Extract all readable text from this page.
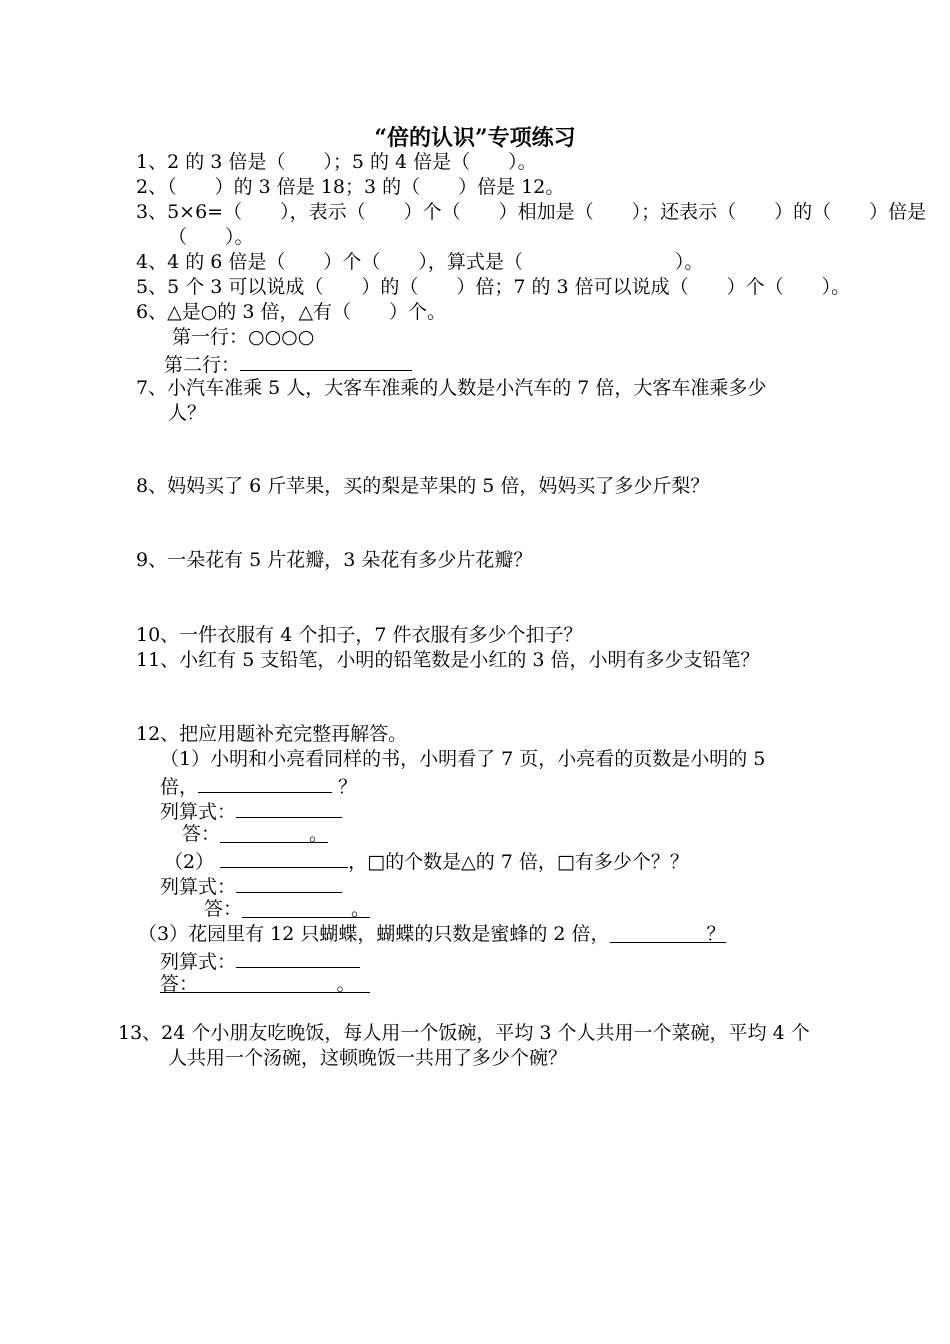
“倍的认识”专项练习
1、2 的 3 倍是（　　）；5 的 4 倍是（　　）。
2、（　　）的 3 倍是 18；3 的（　　）倍是 12。
3、5×6=（　　），表示（　　）个（　　）相加是（　　）；还表示（　　）的（　　）倍是
（　　）。
4、4 的 6 倍是（　　）个（　　），算式是（　　　　　　　　）。
5、5 个 3 可以说成（　　）的（　　）倍；7 的 3 倍可以说成（　　）个（　　）。
6、△是○的 3 倍，△有（　　）个。
第一行：○○○○
第二行：
7、小汽车准乘 5 人，大客车准乘的人数是小汽车的 7 倍，大客车准乘多少
人？
8、妈妈买了 6 斤苹果，买的梨是苹果的 5 倍，妈妈买了多少斤梨？
9、一朵花有 5 片花瓣，3 朵花有多少片花瓣？
10、一件衣服有 4 个扣子，7 件衣服有多少个扣子？
11、小红有 5 支铅笔，小明的铅笔数是小红的 3 倍，小明有多少支铅笔？
12、把应用题补充完整再解答。
（1）小明和小亮看同样的书，小明看了 7 页，小亮看的页数是小明的 5
倍，	？
列算式：
答：	。
（2）	，□的个数是△的 7 倍，□有多少个？？
列算式：
答：	。
（3）花园里有 12 只蝴蝶，蝴蝶的只数是蜜蜂的 2 倍，	？
列算式：
答：	。
13、24 个小朋友吃晚饭，每人用一个饭碗，平均 3 个人共用一个菜碗，平均 4 个
人共用一个汤碗，这顿晚饭一共用了多少个碗？
